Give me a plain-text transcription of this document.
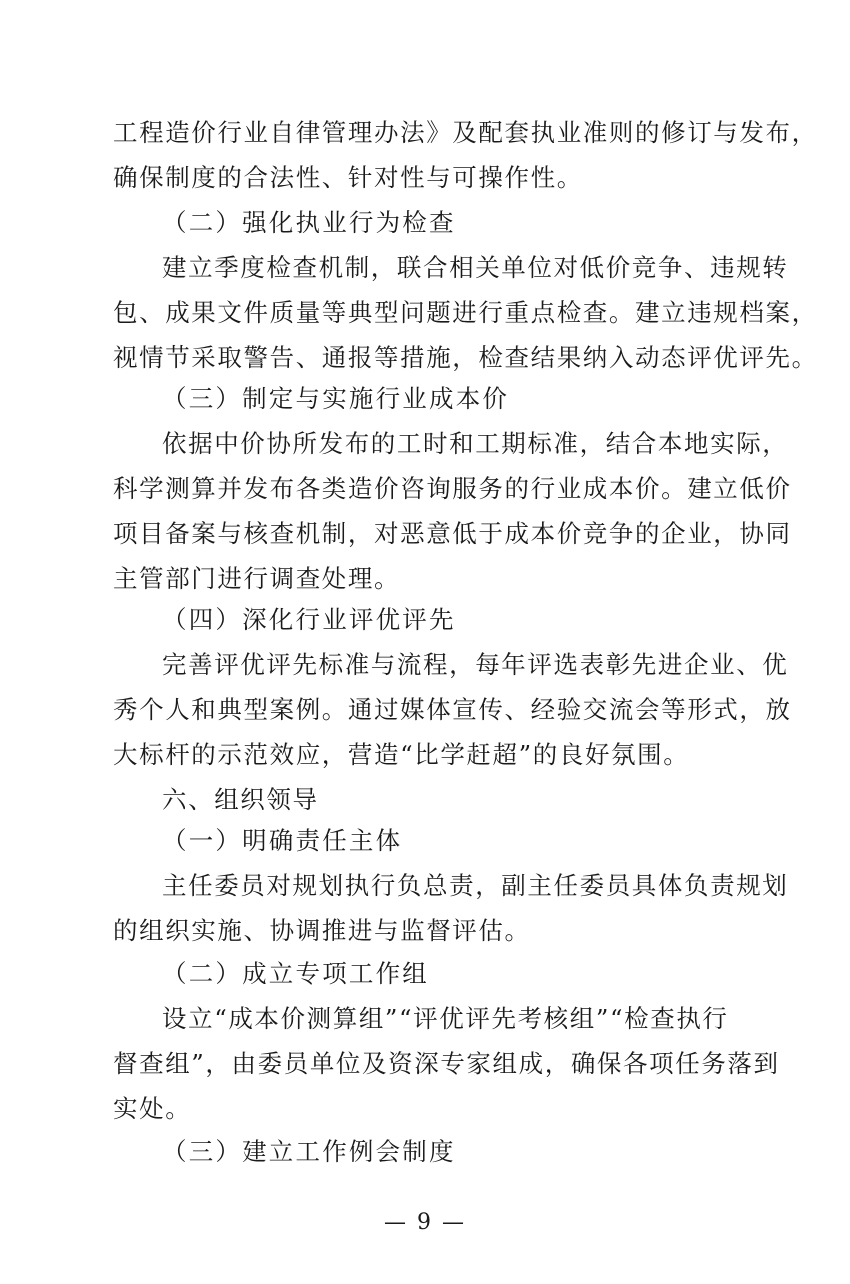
工程造价行业自律管理办法》及配套执业准则的修订与发布，
确保制度的合法性、针对性与可操作性。
（二）强化执业行为检查
建立季度检查机制，联合相关单位对低价竞争、违规转
包、成果文件质量等典型问题进行重点检查。建立违规档案，
视情节采取警告、通报等措施，检查结果纳入动态评优评先。
（三）制定与实施行业成本价
依据中价协所发布的工时和工期标准，结合本地实际，
科学测算并发布各类造价咨询服务的行业成本价。建立低价
项目备案与核查机制，对恶意低于成本价竞争的企业，协同
主管部门进行调查处理。
（四）深化行业评优评先
完善评优评先标准与流程，每年评选表彰先进企业、优
秀个人和典型案例。通过媒体宣传、经验交流会等形式，放
大标杆的示范效应，营造“比学赶超”的良好氛围。
六、组织领导
（一）明确责任主体
主任委员对规划执行负总责，副主任委员具体负责规划
的组织实施、协调推进与监督评估。
（二）成立专项工作组
设立“成本价测算组”“评优评先考核组”“检查执行
督查组”，由委员单位及资深专家组成，确保各项任务落到
实处。
（三）建立工作例会制度
— 9 —
